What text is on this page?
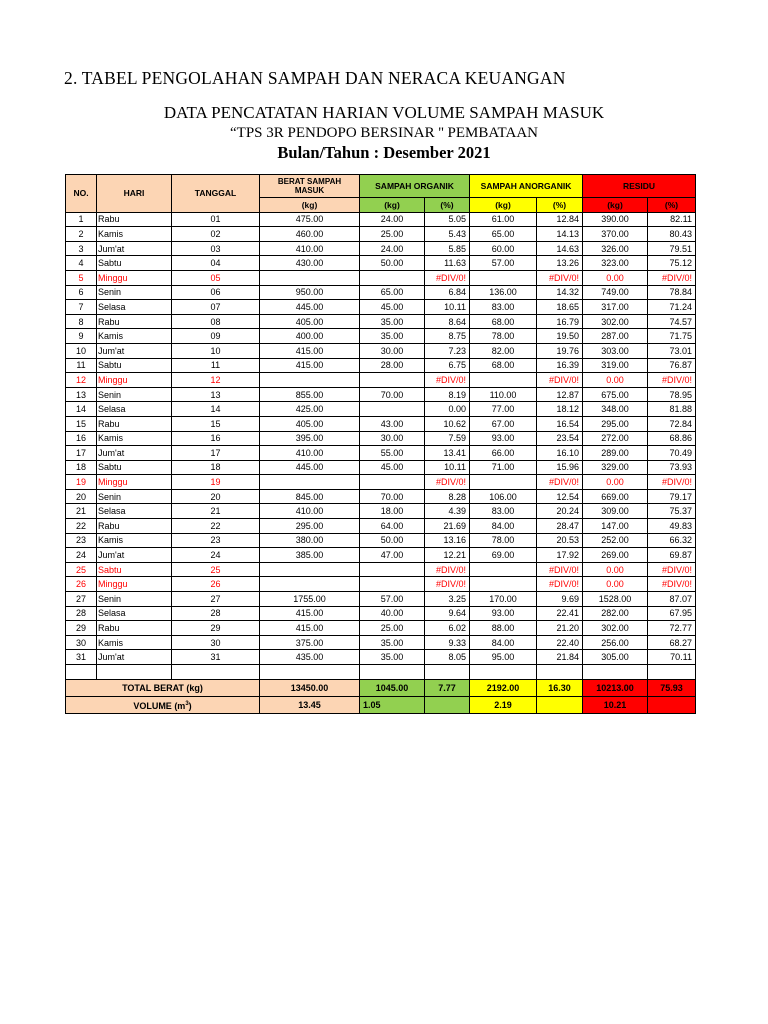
2. TABEL PENGOLAHAN SAMPAH DAN NERACA KEUANGAN
DATA PENCATATAN HARIAN VOLUME SAMPAH MASUK
“TPS 3R PENDOPO BERSINAR '' PEMBATAAN
Bulan/Tahun : Desember 2021
NO.	HARI	TANGGAL	BERAT SAMPAH MASUK	SAMPAH ORGANIK		SAMPAH ANORGANIK		RESIDU	
			(kg)	(kg)	(%)	(kg)	(%)	(kg)	(%)
1	Rabu	01	475.00	24.00	5.05	61.00	12.84	390.00	82.11
2	Kamis	02	460.00	25.00	5.43	65.00	14.13	370.00	80.43
3	Jum'at	03	410.00	24.00	5.85	60.00	14.63	326.00	79.51
4	Sabtu	04	430.00	50.00	11.63	57.00	13.26	323.00	75.12
5	Minggu	05			#DIV/0!		#DIV/0!	0.00	#DIV/0!
6	Senin	06	950.00	65.00	6.84	136.00	14.32	749.00	78.84
7	Selasa	07	445.00	45.00	10.11	83.00	18.65	317.00	71.24
8	Rabu	08	405.00	35.00	8.64	68.00	16.79	302.00	74.57
9	Kamis	09	400.00	35.00	8.75	78.00	19.50	287.00	71.75
10	Jum'at	10	415.00	30.00	7.23	82.00	19.76	303.00	73.01
11	Sabtu	11	415.00	28.00	6.75	68.00	16.39	319.00	76.87
12	Minggu	12			#DIV/0!		#DIV/0!	0.00	#DIV/0!
13	Senin	13	855.00	70.00	8.19	110.00	12.87	675.00	78.95
14	Selasa	14	425.00		0.00	77.00	18.12	348.00	81.88
15	Rabu	15	405.00	43.00	10.62	67.00	16.54	295.00	72.84
16	Kamis	16	395.00	30.00	7.59	93.00	23.54	272.00	68.86
17	Jum'at	17	410.00	55.00	13.41	66.00	16.10	289.00	70.49
18	Sabtu	18	445.00	45.00	10.11	71.00	15.96	329.00	73.93
19	Minggu	19			#DIV/0!		#DIV/0!	0.00	#DIV/0!
20	Senin	20	845.00	70.00	8.28	106.00	12.54	669.00	79.17
21	Selasa	21	410.00	18.00	4.39	83.00	20.24	309.00	75.37
22	Rabu	22	295.00	64.00	21.69	84.00	28.47	147.00	49.83
23	Kamis	23	380.00	50.00	13.16	78.00	20.53	252.00	66.32
24	Jum'at	24	385.00	47.00	12.21	69.00	17.92	269.00	69.87
25	Sabtu	25			#DIV/0!		#DIV/0!	0.00	#DIV/0!
26	Minggu	26			#DIV/0!		#DIV/0!	0.00	#DIV/0!
27	Senin	27	1755.00	57.00	3.25	170.00	9.69	1528.00	87.07
28	Selasa	28	415.00	40.00	9.64	93.00	22.41	282.00	67.95
29	Rabu	29	415.00	25.00	6.02	88.00	21.20	302.00	72.77
30	Kamis	30	375.00	35.00	9.33	84.00	22.40	256.00	68.27
31	Jum'at	31	435.00	35.00	8.05	95.00	21.84	305.00	70.11

TOTAL BERAT (kg)			13450.00	1045.00	7.77	2192.00	16.30	10213.00	75.93
VOLUME $(m^3)$			13.45	1.05		2.19		10.21	
